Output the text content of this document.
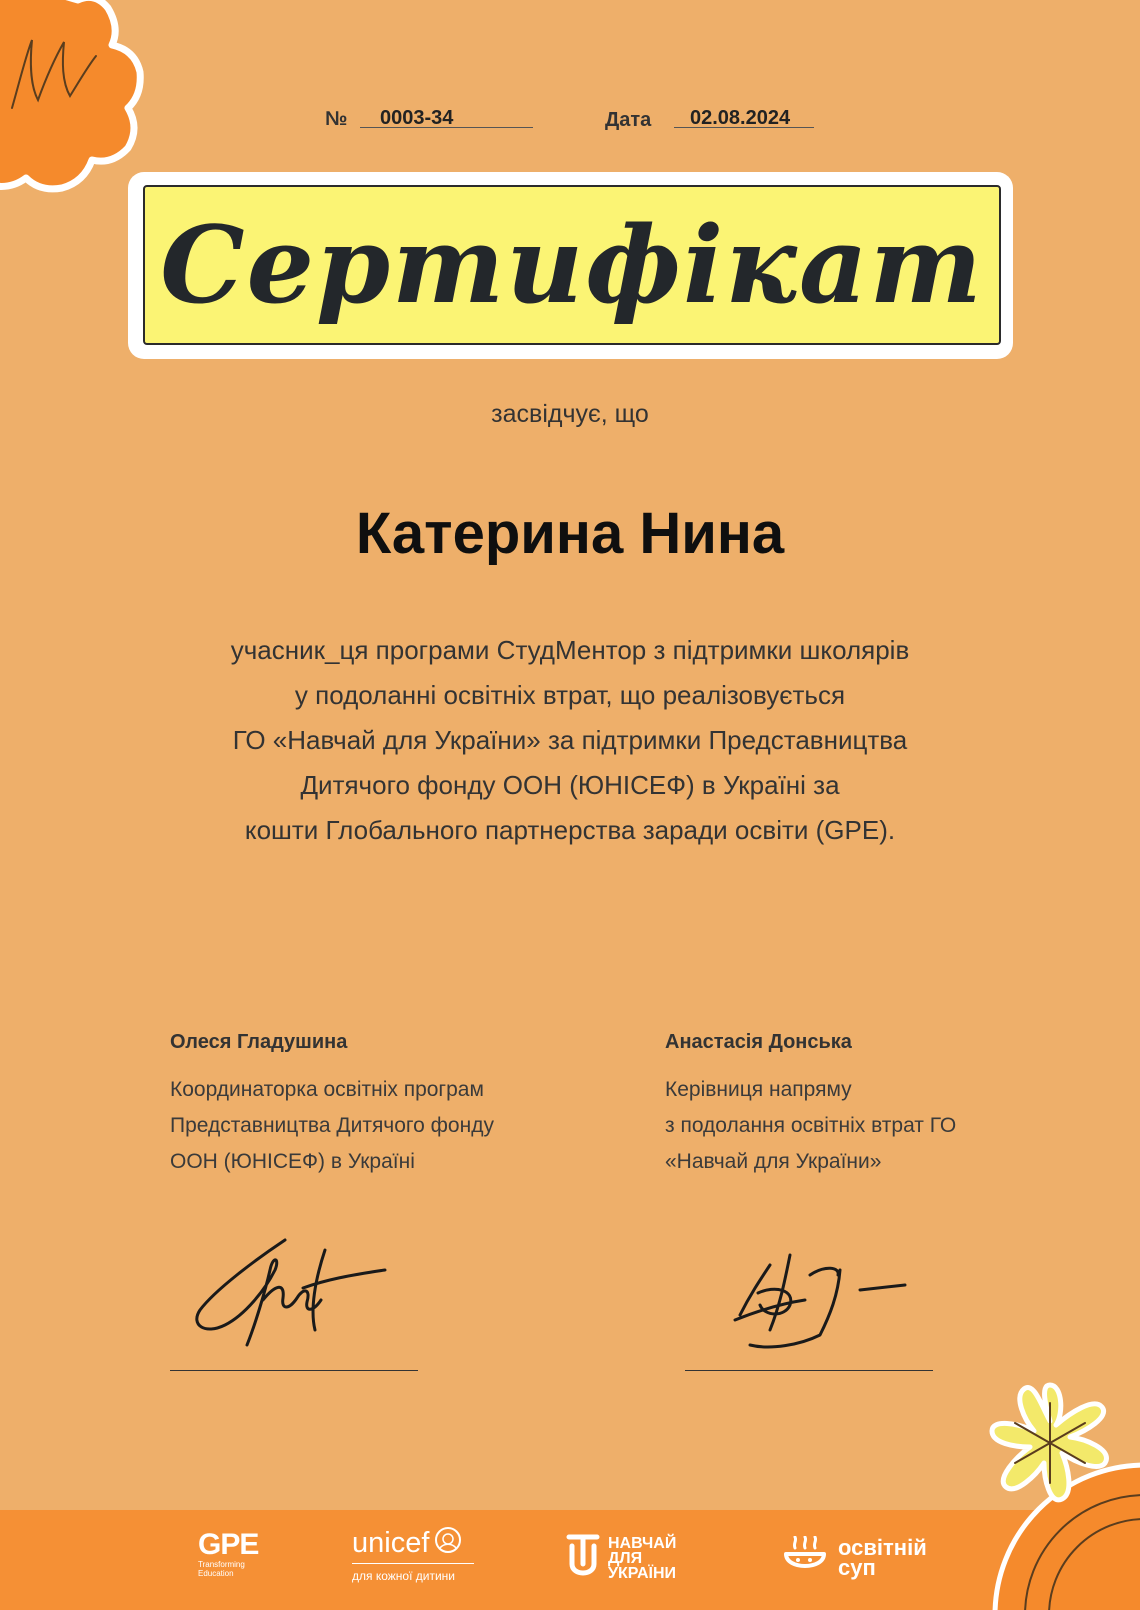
№ 0003-34	Дата 02.08.2024
Сертифікат
засвідчує, що
Катерина Нина
учасник_ця програми СтудМентор з підтримки школярів
у подоланні освітніх втрат, що реалізовується
ГО «Навчай для України» за підтримки Представництва
Дитячого фонду ООН (ЮНІСЕФ) в Україні за
кошти Глобального партнерства заради освіти (GPE).
Олеся Гладушина
Координаторка освітніх програм
Представництва Дитячого фонду
ООН (ЮНІСЕФ) в Україні
Анастасія Донська
Керівниця напряму
з подолання освітніх втрат ГО
«Навчай для України»
GPE
Transforming
Education
unicef
для кожної дитини
НАВЧАЙ
ДЛЯ
УКРАЇНИ
освітній
суп
